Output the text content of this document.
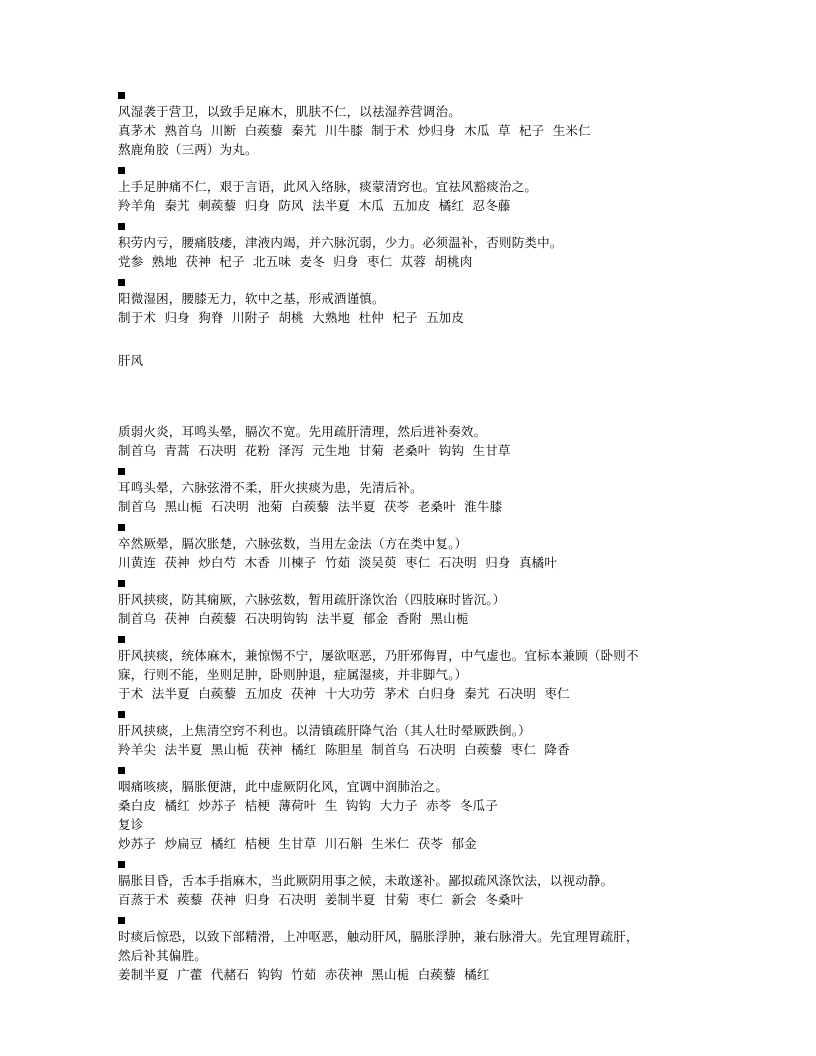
风湿袭于营卫，以致手足麻木，肌肤不仁，以祛湿养营调治。
真茅术  熟首乌  川断  白蒺藜  秦艽  川牛膝  制于术  炒归身  木瓜  草  杞子  生米仁
熬鹿角胶（三两）为丸。
上手足肿痛不仁，艰于言语，此风入络脉，痰蒙清窍也。宜祛风豁痰治之。
羚羊角  秦艽  刺蒺藜  归身  防风  法半夏  木瓜  五加皮  橘红  忍冬藤
积劳内亏，腰痛肢痿，津液内竭，并六脉沉弱，少力。必须温补，否则防类中。
党参  熟地  茯神  杞子  北五味  麦冬  归身  枣仁  苁蓉  胡桃肉
阳微湿困，腰膝无力，软中之基，形戒酒谨慎。
制于术  归身  狗脊  川附子  胡桃  大熟地  杜仲  杞子  五加皮
肝风
质弱火炎，耳鸣头晕，膈次不宽。先用疏肝清理，然后进补奏效。
制首乌  青蒿  石决明  花粉  泽泻  元生地  甘菊  老桑叶  钩钩  生甘草
耳鸣头晕，六脉弦滑不柔，肝火挟痰为患，先清后补。
制首乌  黑山栀  石决明  池菊  白蒺藜  法半夏  茯苓  老桑叶  淮牛膝
卒然厥晕，膈次胀楚，六脉弦数，当用左金法（方在类中复。）
川黄连  茯神  炒白芍  木香  川楝子  竹茹  淡吴萸  枣仁  石决明  归身  真橘叶
肝风挟痰，防其痫厥，六脉弦数，暂用疏肝涤饮治（四肢麻时皆沉。）
制首乌  茯神  白蒺藜  石决明钩钩  法半夏  郁金  香附  黑山栀
肝风挟痰，统体麻木，兼惊惕不宁，屡欲呕恶，乃肝邪侮胃，中气虚也。宜标本兼顾（卧则不
寐，行则不能，坐则足肿，卧则肿退，症属湿痰，并非脚气。）
于术  法半夏  白蒺藜  五加皮  茯神  十大功劳  茅术  白归身  秦艽  石决明  枣仁
肝风挟痰，上焦清空窍不利也。以清镇疏肝降气治（其人壮时晕厥跌倒。）
羚羊尖  法半夏  黑山栀  茯神  橘红  陈胆星  制首乌  石决明  白蒺藜  枣仁  降香
咽痛咳痰，膈胀便溏，此中虚厥阴化风，宜调中润肺治之。
桑白皮  橘红  炒苏子  桔梗  薄荷叶  生  钩钩  大力子  赤苓  冬瓜子
复诊
炒苏子  炒扁豆  橘红  桔梗  生甘草  川石斛  生米仁  茯苓  郁金
膈胀目昏，舌本手指麻木，当此厥阴用事之候，未敢遂补。鄙拟疏风涤饮法，以视动静。
百蒸于术  蒺藜  茯神  归身  石决明  姜制半夏  甘菊  枣仁  新会  冬桑叶
时痰后惊恐，以致下部精滑，上冲呕恶，触动肝风，膈胀浮肿，兼右脉滑大。先宜理胃疏肝，
然后补其偏胜。
姜制半夏  广藿  代赭石  钩钩  竹茹  赤茯神  黑山栀  白蒺藜  橘红
